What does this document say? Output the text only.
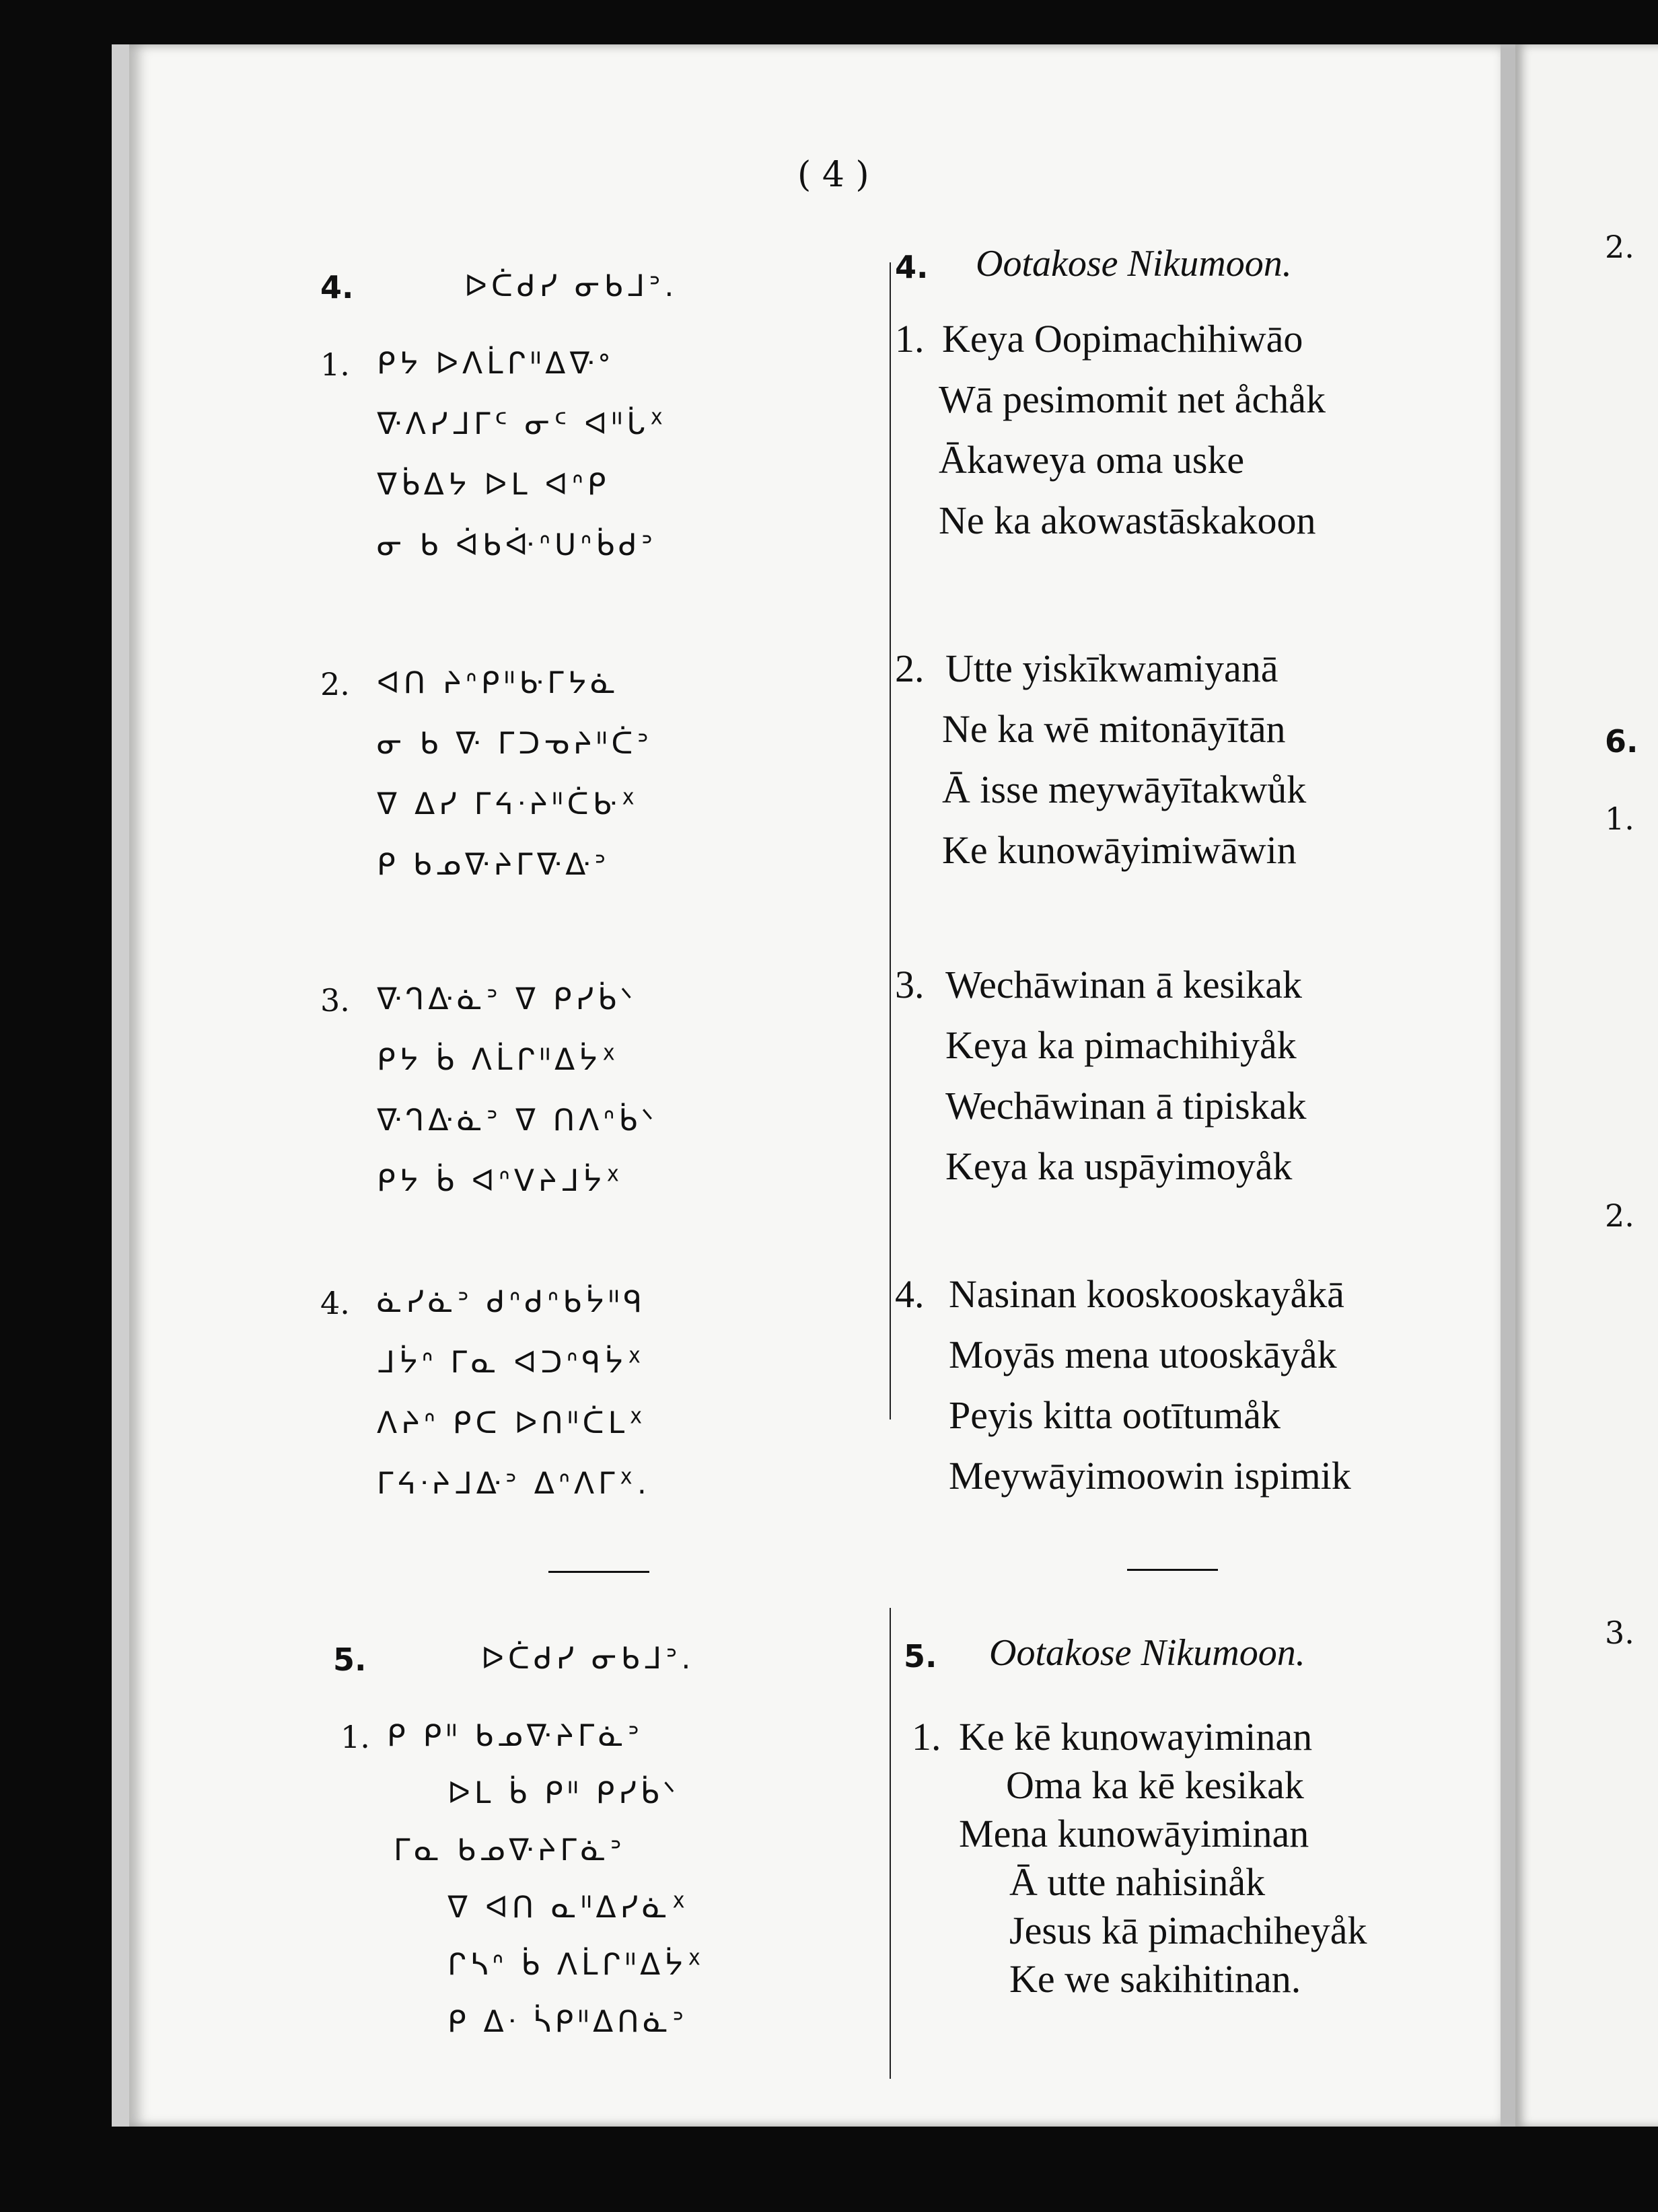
( 4 )
4.	ᐅᑖᑯᓯ ᓂᑲᒧᐣ.
1. ᑭᔭ ᐅᐱᒫᒋᐦᐃᐍᐤ
ᐍᐱᓯᒧᒥᑦ ᓂᑦ ᐊᐦᒑᕽ
ᐁᑳᐃᔭ ᐅᒪ ᐊᐢᑭ
ᓂ ᑲ ᐋᑲᐚᐢᑌᐢᑳᑯᐣ
2. ᐊᑎ ᔨᐢᑭᐦᑿᒥᔭᓈ
ᓂ ᑲ ᐍ ᒥᑐᓀᔨᐦᑖᐣ
ᐁ ᐃᓯ ᒥᔦᐧᔨᐦᑖᑿᕽ
ᑭ ᑲᓄᐍᔨᒥᐍᐏᐣ
3. ᐍᒉᐏᓈᐣ ᐁ ᑭᓯᑳᐠ
ᑭᔭ ᑳ ᐱᒫᒋᐦᐃᔮᕽ
ᐍᒉᐏᓈᐣ ᐁ ᑎᐱᐢᑳᐠ
ᑭᔭ ᑳ ᐊᐢᐯᔨᒧᔮᕽ
4. ᓈᓯᓈᐣ ᑯᐢᑯᐢᑲᔮᐦᑫ
ᒧᔮᐢ ᒥᓇ ᐊᑐᐢᑫᔮᕽ
ᐱᔨᐢ ᑭᑕ ᐅᑎᐦᑖᒪᕽ
ᒥᔦᐧᔨᒧᐏᐣ ᐃᐢᐱᒥᕽ.
5.	ᐅᑖᑯᓯ ᓂᑲᒧᐣ.
1. ᑭ ᑭᐦ ᑲᓄᐍᔨᒥᓈᐣ
ᐅᒪ ᑳ ᑭᐦ ᑭᓯᑳᐠ
ᒥᓇ ᑲᓄᐍᔨᒥᓈᐣ
ᐁ ᐊᑎ ᓇᐦᐃᓯᓈᕽ
ᒋᓴᐢ ᑳ ᐱᒫᒋᐦᐃᔮᕽ
ᑭ ᐃᐧ ᓵᑭᐦᐃᑎᓈᐣ
4. Ootakose Nikumoon.
1. Keya Oopimachihiwāo
Wā pesimomit net åchåk
Ākaweya oma uske
Ne ka akowastāskakoon
2. Utte yiskīkwamiyanā
Ne ka wē mitonāyītān
Ā isse meywāyītakwůk
Ke kunowāyimiwāwin
3. Wechāwinan ā kesikak
Keya ka pimachihiyåk
Wechāwinan ā tipiskak
Keya ka uspāyimoyåk
4. Nasinan kooskooskayåkā
Moyās mena utooskāyåk
Peyis kitta ootītumåk
Meywāyimoowin ispimik
5. Ootakose Nikumoon.
1. Ke kē kunowayiminan
Oma ka kē kesikak
Mena kunowāyiminan
Ā utte nahisinåk
Jesus kā pimachiheyåk
Ke we sakihitinan.
2.
6.
1.
2.
3.
